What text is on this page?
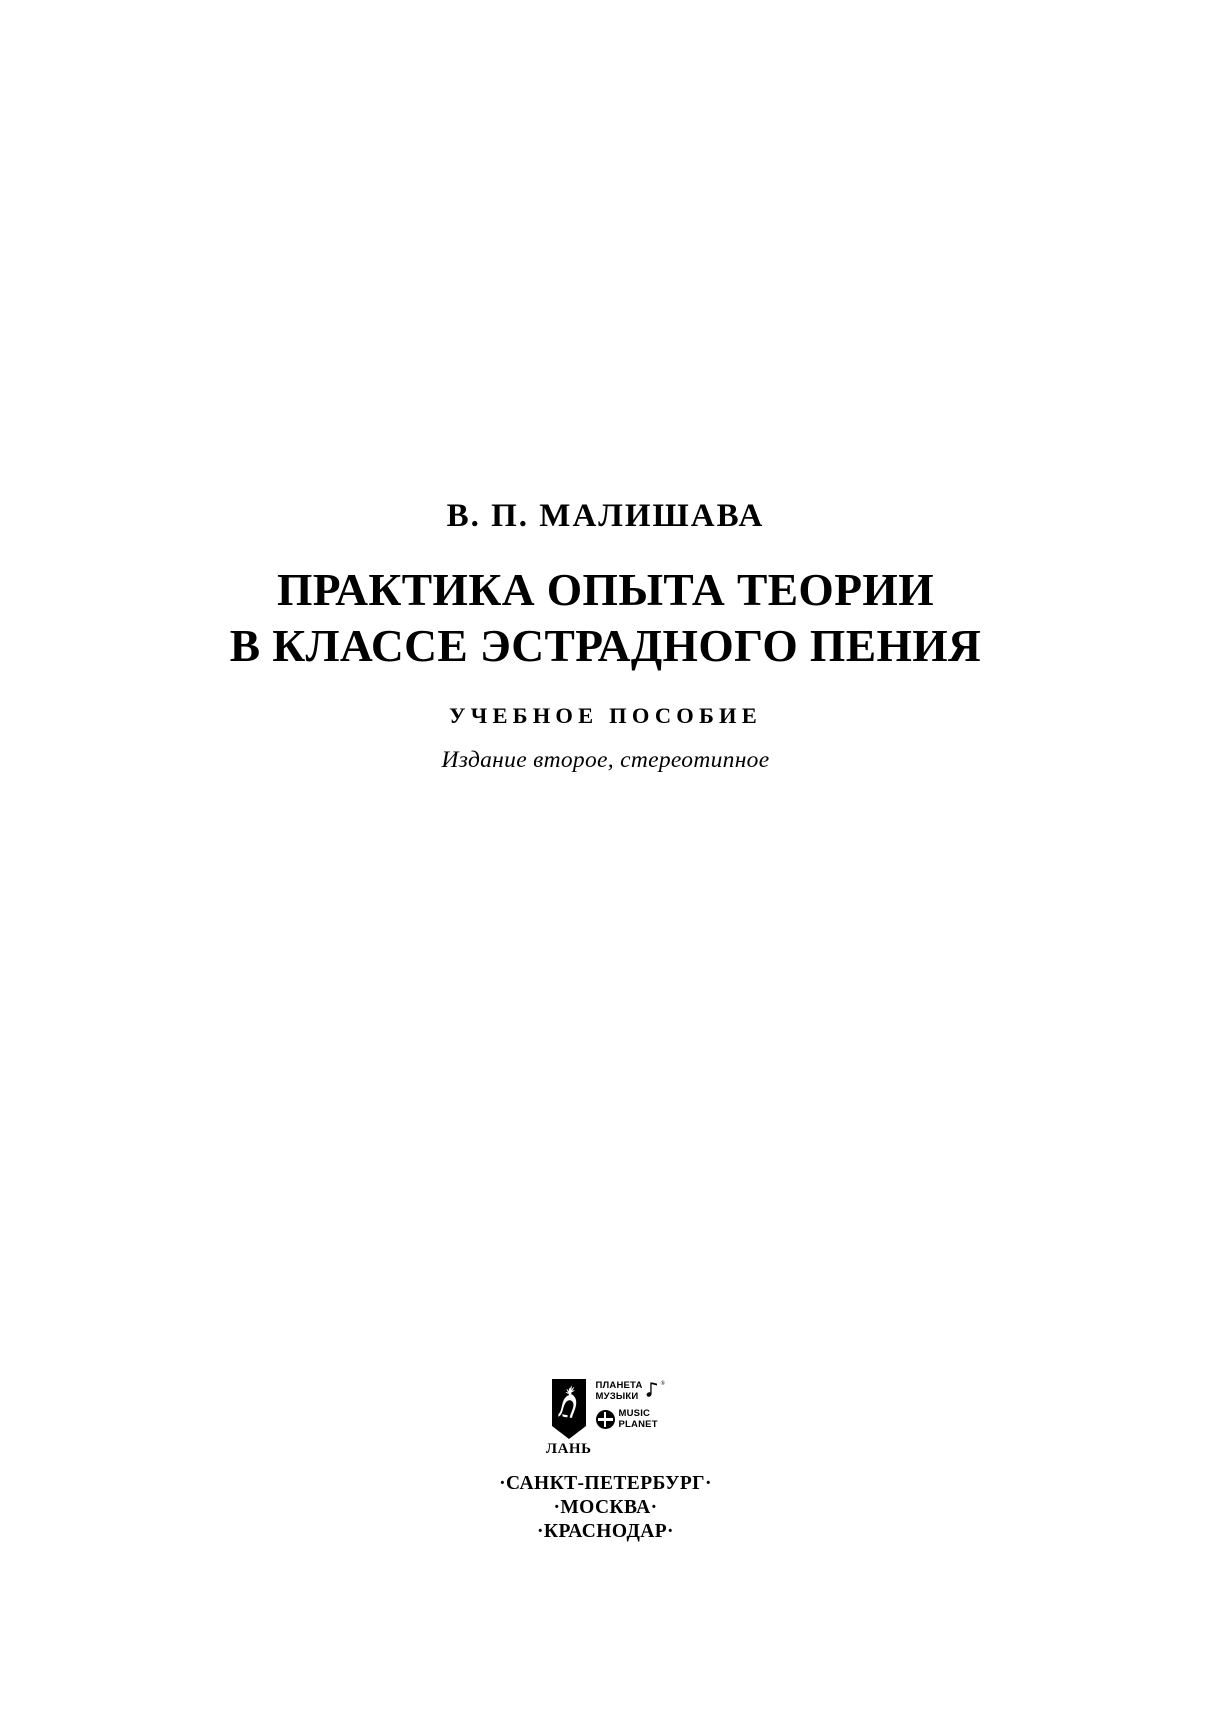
В. П. МАЛИШАВА
ПРАКТИКА ОПЫТА ТЕОРИИ
В КЛАССЕ ЭСТРАДНОГО ПЕНИЯ
УЧЕБНОЕ ПОСОБИЕ
Издание второе, стереотипное
ЛАНЬ
ПЛАНЕТА
МУЗЫКИ
®
MUSIC
PLANET
·САНКТ-ПЕТЕРБУРГ·
·МОСКВА·
·КРАСНОДАР·
